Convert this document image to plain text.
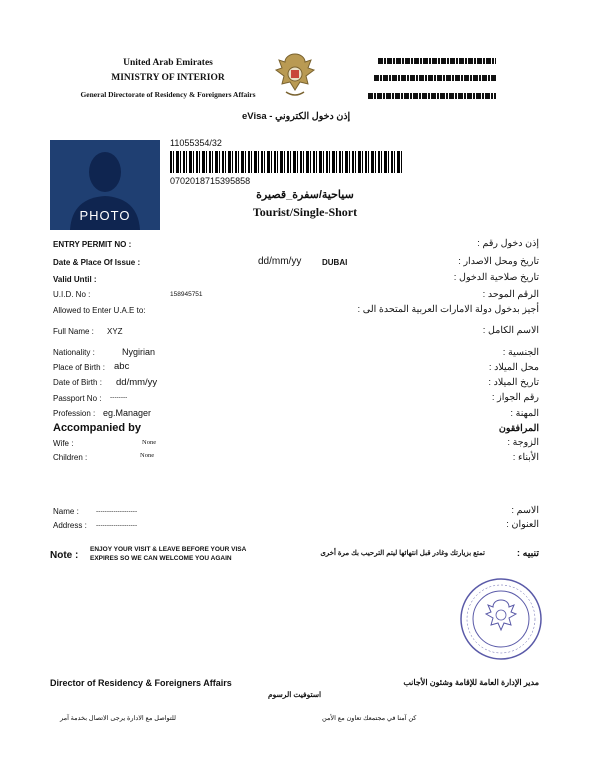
United Arab Emirates
MINISTRY OF INTERIOR
General Directorate of Residency & Foreigners Affairs
eVisa - إذن دخول الكتروني
PHOTO
11055354/32
0702018715395858
سياحية/سفرة_قصيرة
Tourist/Single-Short
ENTRY PERMIT NO :	إذن دخول رقم :
Date & Place Of Issue :	dd/mm/yy	DUBAI	تاريخ ومحل الاصدار :
Valid Until :	تاريخ صلاحية الدخول :
U.I.D. No :	158945751	الرقم الموحد :
Allowed to Enter U.A.E to:	أجيز بدخول دولة الامارات العربية المتحدة الى :
Full Name : XYZ	الاسم الكامل :
Nationality :	Nygirian	الجنسية :
Place of Birth : abc	محل الميلاد :
Date of Birth : dd/mm/yy	تاريخ الميلاد :
Passport No : --------	رقم الجواز :
Profession : eg.Manager	المهنة :
Accompanied by	المرافقون
Wife :	None	الزوجة :
Children :	None	الأبناء :
Name :	-------------------	الاسم :
Address : -------------------	العنوان :
Note :
ENJOY YOUR VISIT & LEAVE BEFORE YOUR VISA
EXPIRES SO WE CAN WELCOME YOU AGAIN
تمتع بزيارتك وغادر قبل انتهائها ليتم الترحيب بك مرة أخرى	تنبيه :
Director of Residency & Foreigners Affairs	مدير الإدارة العامة للإقامة وشئون الأجانب
استوفيت الرسوم
للتواصل مع الادارة يرجى الاتصال بخدمة آمر	كن آمنا في مجتمعك تعاون مع الأمن
